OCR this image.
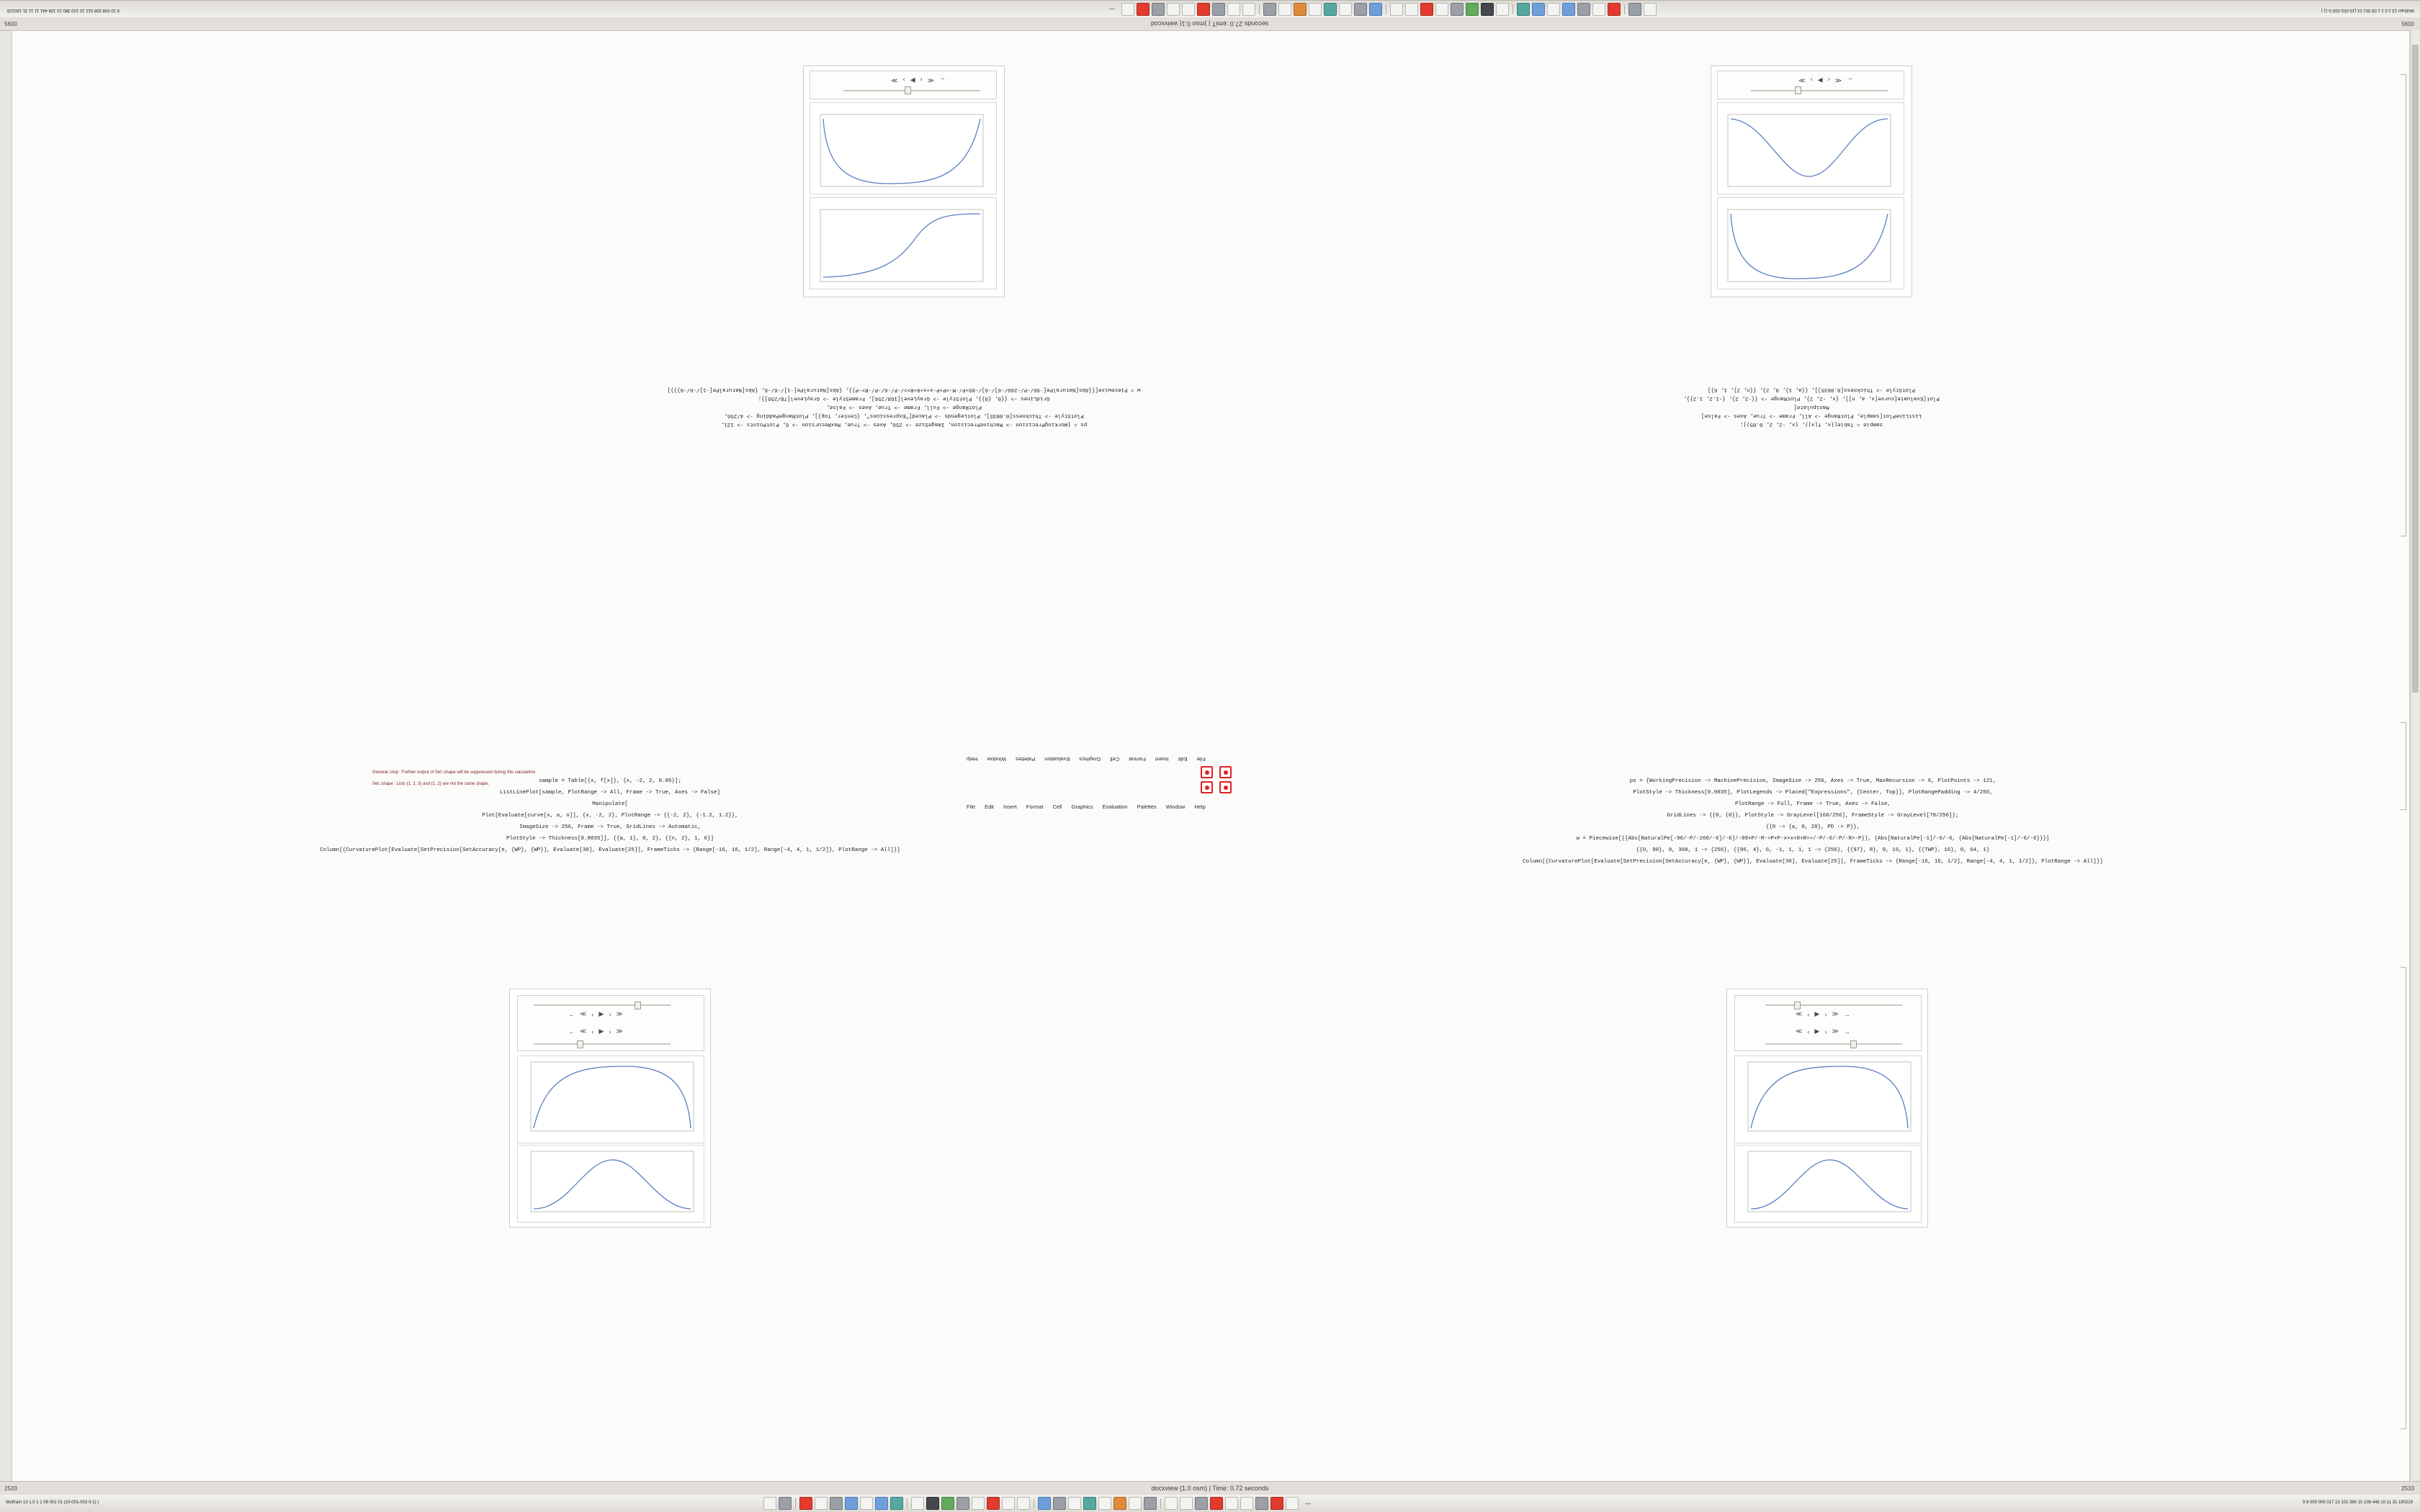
Wolfram 13 1.0 1 1 09 001 01 (10-001-003 0-1) )
—
9 10 008 008 012 10 100 380 10 108 441 11 11 31 190229
5600	seconds 27.0 :emiT | )mso 0.1( weivxcod	5600
←
≪
‹
▶
›
≫	←
≪
‹
▶
›
≫
sample = Table[{x, f[x]}, {x, -2, 2, 0.05}];
ListLinePlot[sample, PlotRange -> All, Frame -> True, Axes -> False]
Manipulate[
Plot[Evaluate[curve[x, a, n]], {x, -2, 2}, PlotRange -> {{-2, 2}, {-1.2, 1.2}},
PlotStyle -> Thickness[0.0035]], {{a, 1}, 0, 2}, {{n, 2}, 1, 6}]
ps = {WorkingPrecision -> MachinePrecision, ImageSize -> 256, Axes -> True, MaxRecursion -> 6, PlotPoints -> 121,
PlotStyle -> Thickness[0.0035], PlotLegends -> Placed["Expressions", {Center, Top}], PlotRangePadding -> 4/256,
PlotRange -> Full, Frame -> True, Axes -> False,
GridLines -> {{0, {0}}, PlotStyle -> GrayLevel[168/256], FrameStyle -> GrayLevel[78/256]};
w = Piecewise[{{Abs[NaturalPe[-96/-P/-260/-6]/-6]/-89+P/-M->P+P-x+x+0+R>>/-P/-6/-P/-R>-P}}, {Abs[NaturalPe[-1]/-6/-6, {Abs[NaturalPe[-1]/-6/-6}}}]
File
Edit
Insert
Format
Cell
Graphics
Evaluation
Palettes
Window
Help
File Edit Insert Format Cell Graphics Evaluation Palettes Window Help
General::stop : Further output of Set::shape will be suppressed during this calculation.
Set::shape : Lists {1, 2, 3} and {1, 2} are not the same shape.	sample = Table[{x, f[x]}, {x, -2, 2, 0.05}];
ListLinePlot[sample, PlotRange -> All, Frame -> True, Axes -> False]
Manipulate[
Plot[Evaluate[curve[x, a, n]], {x, -2, 2}, PlotRange -> {{-2, 2}, {-1.2, 1.2}},
ImageSize -> 256, Frame -> True, GridLines -> Automatic,
PlotStyle -> Thickness[0.0035]], {{a, 1}, 0, 2}, {{n, 2}, 1, 6}]
Column[{CurvaturePlot[Evaluate[SetPrecision[SetAccuracy[e, {WP}, {WP}], Evaluate[30], Evaluate[25]], FrameTicks -> {Range[-16, 16, 1/2], Range[-4, 4, 1, 1/2]}, PlotRange -> All]}]
ps = {WorkingPrecision -> MachinePrecision, ImageSize -> 256, Axes -> True, MaxRecursion -> 6, PlotPoints -> 121,
PlotStyle -> Thickness[0.0035], PlotLegends -> Placed["Expressions", {Center, Top}], PlotRangePadding -> 4/256,
PlotRange -> Full, Frame -> True, Axes -> False,
GridLines -> {{0, {0}}, PlotStyle -> GrayLevel[168/256], FrameStyle -> GrayLevel[78/256]};
{{0 -> {a, 0, 20}, PD -> P}},
w = Piecewise[{{Abs[NaturalPe[-96/-P/-260/-6]/-6]/-89+P/-M->P+P-x+x+0+R>>/-P/-6/-P/-R>-P}}, {Abs[NaturalPe[-1]/-6/-6, {Abs[NaturalPe[-1]/-6/-6}}}]
{{0, 90}, 0, 360, 1 -> {256}, {{96, 4}, 6, -1, 1, 1, 1 -> {256}, {{97}, 8}, 0, 16, 1}, {{TWP}, 16}, 0, 64, 1}
Column[{CurvaturePlot[Evaluate[SetPrecision[SetAccuracy[e, {WP}, {WP}], Evaluate[30], Evaluate[25]], FrameTicks -> {Range[-16, 16, 1/2], Range[-4, 4, 1, 1/2]}, PlotRange -> All]}]
← ≪ ‹ ▶ › ≫
← ≪ ‹ ▶ › ≫
≪ ‹ ▶ › ≫ →
≪ ‹ ▶ › ≫ →
Wolfram 13 1.0 1 1 09 001 01 (10-001-003 0-1) )	—	9 8 009 005 017 13 102 380 10 108 448 10 11 31 190229
2533	docxview (1.0 osm) | Time: 0.72 seconds	2533
